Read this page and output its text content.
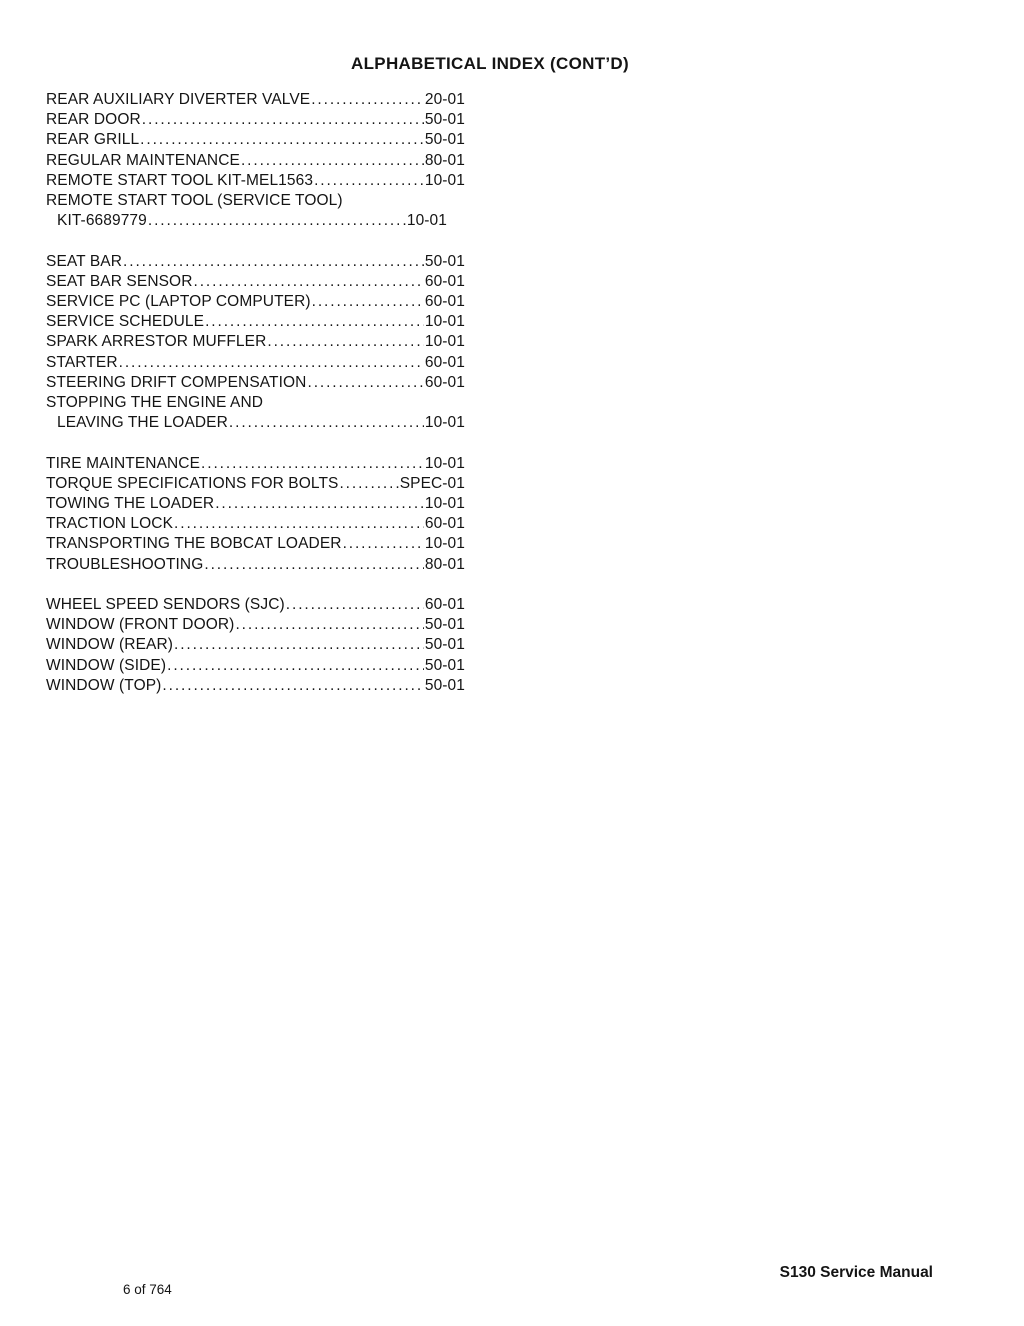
ALPHABETICAL INDEX (CONT’D)
REAR AUXILIARY DIVERTER VALVE .....	20-01
REAR DOOR .....	50-01
REAR GRILL .....	50-01
REGULAR MAINTENANCE .....	80-01
REMOTE START TOOL KIT-MEL1563 .....	10-01
REMOTE START TOOL (SERVICE TOOL)
KIT-6689779 .....	10-01
SEAT BAR .....	50-01
SEAT BAR SENSOR .....	60-01
SERVICE PC (LAPTOP COMPUTER) .....	60-01
SERVICE SCHEDULE .....	10-01
SPARK ARRESTOR MUFFLER .....	10-01
STARTER .....	60-01
STEERING DRIFT COMPENSATION .....	60-01
STOPPING THE ENGINE AND
LEAVING THE LOADER .....	10-01
TIRE MAINTENANCE .....	10-01
TORQUE SPECIFICATIONS FOR BOLTS .....	SPEC-01
TOWING THE LOADER .....	10-01
TRACTION LOCK .....	60-01
TRANSPORTING THE BOBCAT LOADER .....	10-01
TROUBLESHOOTING .....	80-01
WHEEL SPEED SENDORS (SJC) .....	60-01
WINDOW (FRONT DOOR) .....	50-01
WINDOW (REAR) .....	50-01
WINDOW (SIDE) .....	50-01
WINDOW (TOP) .....	50-01
6 of 764
S130 Service Manual
